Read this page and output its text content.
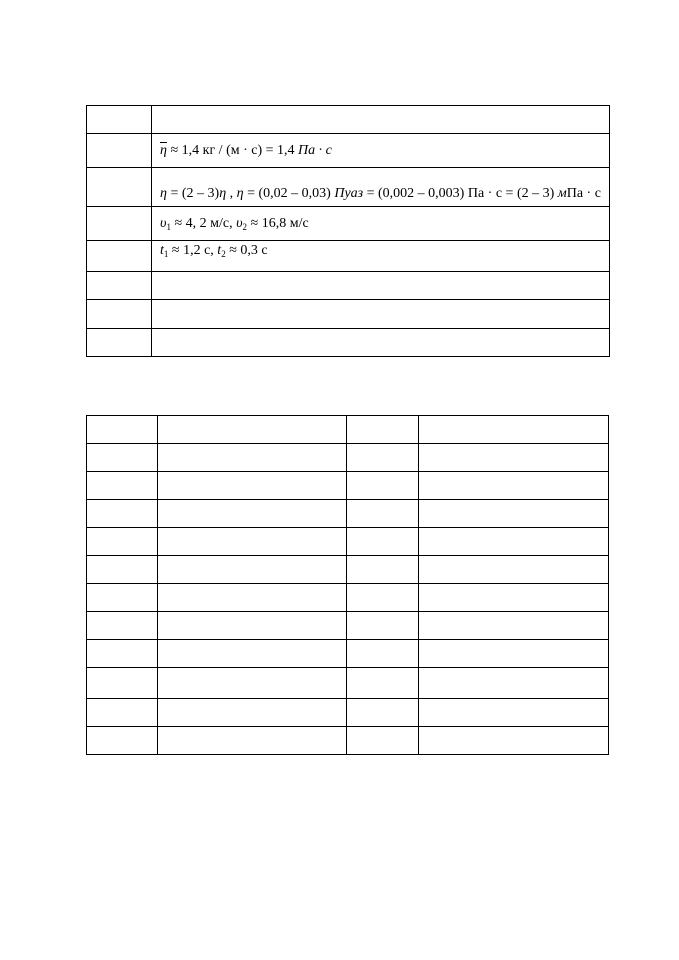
	$\overline{\eta} \approx 1,4$ кг / (м · с) = 1,4 Па · с
	η = (2 – 3)η , η = (0,02 – 0,03) Пуаз = (0,002 – 0,003) Па · с = (2 – 3) мПа · с
	$\upsilon_1 \approx 4$, 2 м/с, $\upsilon_2 \approx 16,8$ м/с
	$t_1 \approx 1,2$ с, $t_2 \approx 0,3$ с
